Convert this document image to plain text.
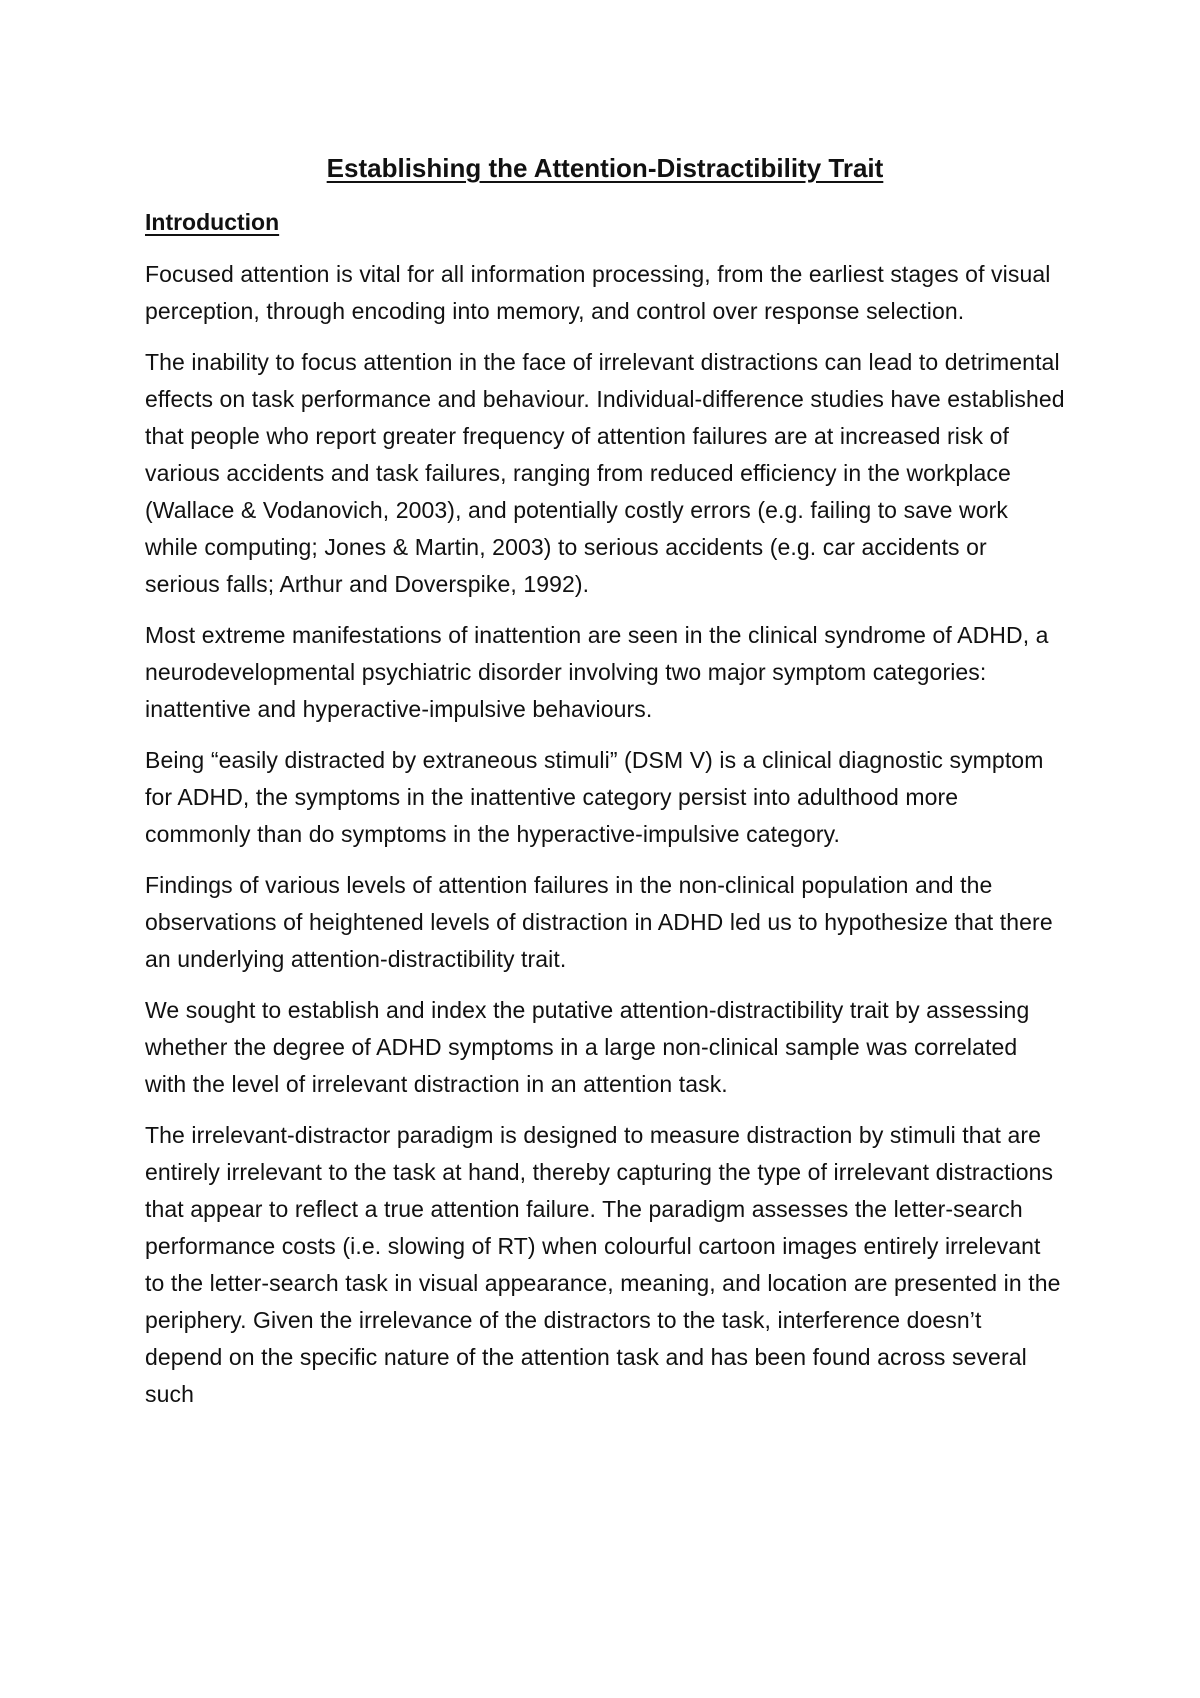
Establishing the Attention-Distractibility Trait
Introduction

Focused attention is vital for all information processing, from the earliest stages of visual perception, through encoding into memory, and control over response selection.

The inability to focus attention in the face of irrelevant distractions can lead to detrimental effects on task performance and behaviour. Individual-difference studies have established that people who report greater frequency of attention failures are at increased risk of various accidents and task failures, ranging from reduced efficiency in the workplace (Wallace & Vodanovich, 2003), and potentially costly errors (e.g. failing to save work while computing; Jones & Martin, 2003) to serious accidents (e.g. car accidents or serious falls; Arthur and Doverspike, 1992).

Most extreme manifestations of inattention are seen in the clinical syndrome of ADHD, a neurodevelopmental psychiatric disorder involving two major symptom categories: inattentive and hyperactive-impulsive behaviours.

Being “easily distracted by extraneous stimuli” (DSM V) is a clinical diagnostic symptom for ADHD, the symptoms in the inattentive category persist into adulthood more commonly than do symptoms in the hyperactive-impulsive category.

Findings of various levels of attention failures in the non-clinical population and the observations of heightened levels of distraction in ADHD led us to hypothesize that there an underlying attention-distractibility trait.

We sought to establish and index the putative attention-distractibility trait by assessing whether the degree of ADHD symptoms in a large non-clinical sample was correlated with the level of irrelevant distraction in an attention task.

The irrelevant-distractor paradigm is designed to measure distraction by stimuli that are entirely irrelevant to the task at hand, thereby capturing the type of irrelevant distractions that appear to reflect a true attention failure. The paradigm assesses the letter-search performance costs (i.e. slowing of RT) when colourful cartoon images entirely irrelevant to the letter-search task in visual appearance, meaning, and location are presented in the periphery. Given the irrelevance of the distractors to the task, interference doesn’t depend on the specific nature of the attention task and has been found across several such
